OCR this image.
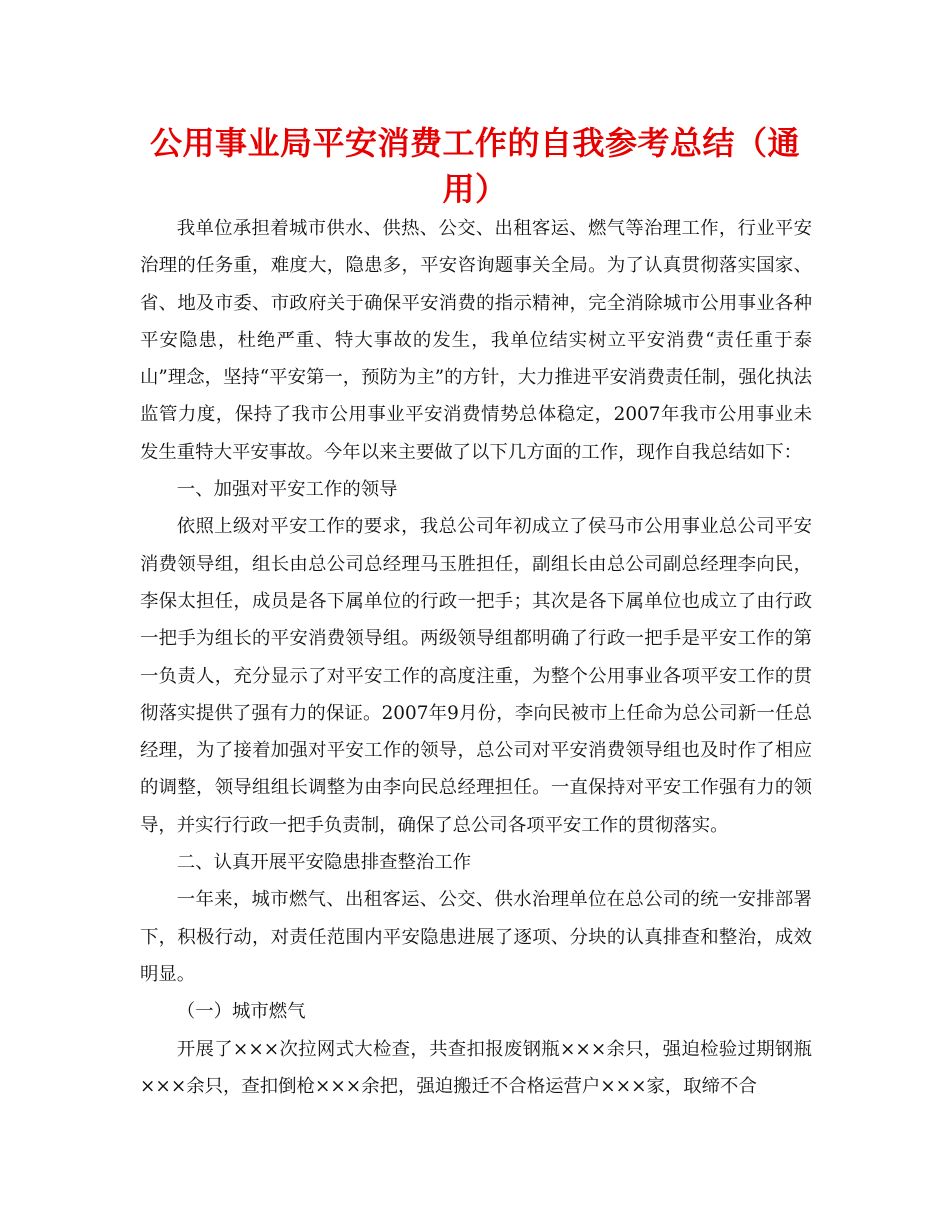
公用事业局平安消费工作的自我参考总结（通用）

我单位承担着城市供水、供热、公交、出租客运、燃气等治理工作，行业平安治理的任务重，难度大，隐患多，平安咨询题事关全局。为了认真贯彻落实国家、省、地及市委、市政府关于确保平安消费的指示精神，完全消除城市公用事业各种平安隐患，杜绝严重、特大事故的发生，我单位结实树立平安消费“责任重于泰山”理念，坚持“平安第一，预防为主”的方针，大力推进平安消费责任制，强化执法监管力度，保持了我市公用事业平安消费情势总体稳定，2007年我市公用事业未发生重特大平安事故。今年以来主要做了以下几方面的工作，现作自我总结如下：

一、加强对平安工作的领导

依照上级对平安工作的要求，我总公司年初成立了侯马市公用事业总公司平安消费领导组，组长由总公司总经理马玉胜担任，副组长由总公司副总经理李向民，李保太担任，成员是各下属单位的行政一把手；其次是各下属单位也成立了由行政一把手为组长的平安消费领导组。两级领导组都明确了行政一把手是平安工作的第一负责人，充分显示了对平安工作的高度注重，为整个公用事业各项平安工作的贯彻落实提供了强有力的保证。2007年9月份，李向民被市上任命为总公司新一任总经理，为了接着加强对平安工作的领导，总公司对平安消费领导组也及时作了相应的调整，领导组组长调整为由李向民总经理担任。一直保持对平安工作强有力的领导，并实行行政一把手负责制，确保了总公司各项平安工作的贯彻落实。

二、认真开展平安隐患排查整治工作

一年来，城市燃气、出租客运、公交、供水治理单位在总公司的统一安排部署下，积极行动，对责任范围内平安隐患进展了逐项、分块的认真排查和整治，成效明显。

（一）城市燃气

开展了×××次拉网式大检查，共查扣报废钢瓶×××余只，强迫检验过期钢瓶×××余只，查扣倒枪×××余把，强迫搬迁不合格运营户×××家，取缔不合
